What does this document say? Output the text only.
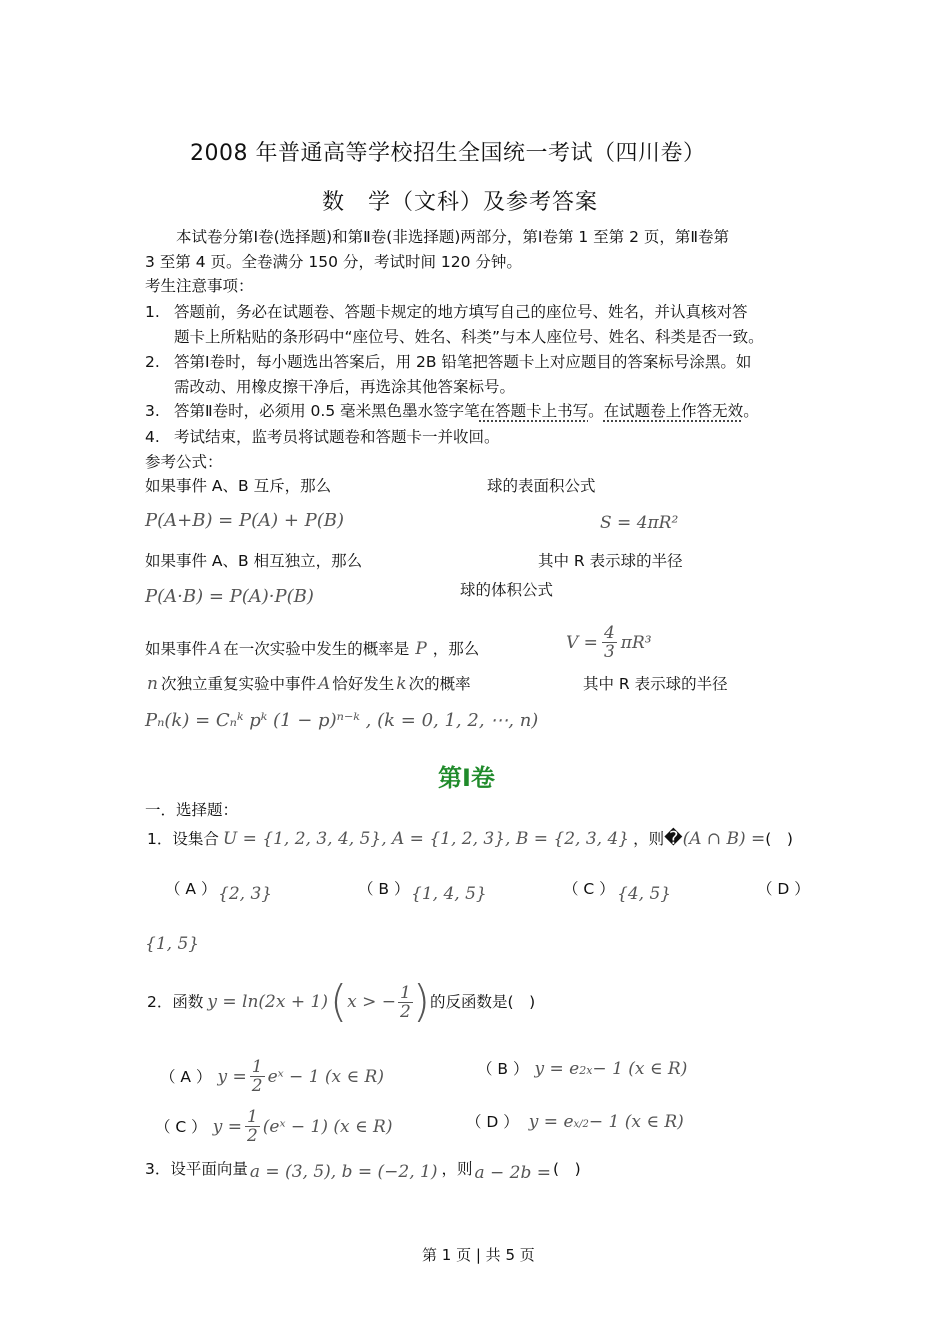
2008 年普通高等学校招生全国统一考试（四川卷）
数　学（文科）及参考答案
本试卷分第Ⅰ卷(选择题)和第Ⅱ卷(非选择题)两部分，第Ⅰ卷第 1 至第 2 页，第Ⅱ卷第
3 至第 4 页。全卷满分 150 分，考试时间 120 分钟。
考生注意事项：
1. 答题前，务必在试题卷、答题卡规定的地方填写自己的座位号、姓名，并认真核对答
题卡上所粘贴的条形码中“座位号、姓名、科类”与本人座位号、姓名、科类是否一致。
2. 答第Ⅰ卷时，每小题选出答案后，用 2B 铅笔把答题卡上对应题目的答案标号涂黑。如
需改动、用橡皮擦干净后，再选涂其他答案标号。
3. 答第Ⅱ卷时，必须用 0.5 毫米黑色墨水签字笔在答题卡上书写。在试题卷上作答无效。
4. 考试结束，监考员将试题卷和答题卡一并收回。
参考公式：
如果事件 A、B 互斥，那么	球的表面积公式
P(A+B) = P(A) + P(B)	S = 4πR²
如果事件 A、B 相互独立，那么	其中 R 表示球的半径
P(A·B) = P(A)·P(B)	球的体积公式
如果事件 A 在一次实验中发生的概率是 P ，那么	$V = \frac{4}{3} \pi R^3$
n 次独立重复实验中事件 A 恰好发生 k 次的概率	其中 R 表示球的半径
Pₙ(k) = Cₙᵏ pᵏ (1 − p)ⁿ⁻ᵏ , (k = 0, 1, 2, ⋯, n)
第Ⅰ卷
一．选择题：
1．设集合 U = {1, 2, 3, 4, 5}, A = {1, 2, 3}, B = {2, 3, 4} ，则 � (A ∩ B) = (　)
（ A ） {2, 3}	（ B ） {1, 4, 5}	（ C ） {4, 5}	（ D ）
{1, 5}
2．函数 y = ln(2x + 1) ( x > − $\frac{1}{2}$ ) 的反函数是(　)
（ A ） $y = \frac{1}{2}$ eˣ − 1 (x ∈ R)	（ B ） y = e 2x − 1 (x ∈ R)
（ C ） $y = \frac{1}{2}$ (eˣ − 1) (x ∈ R)	（ D ） y = e x/2 − 1 (x ∈ R)
3．设平面向量 a = (3, 5), b = (−2, 1) ，则 a − 2b = (　)
第 1 页 | 共 5 页
